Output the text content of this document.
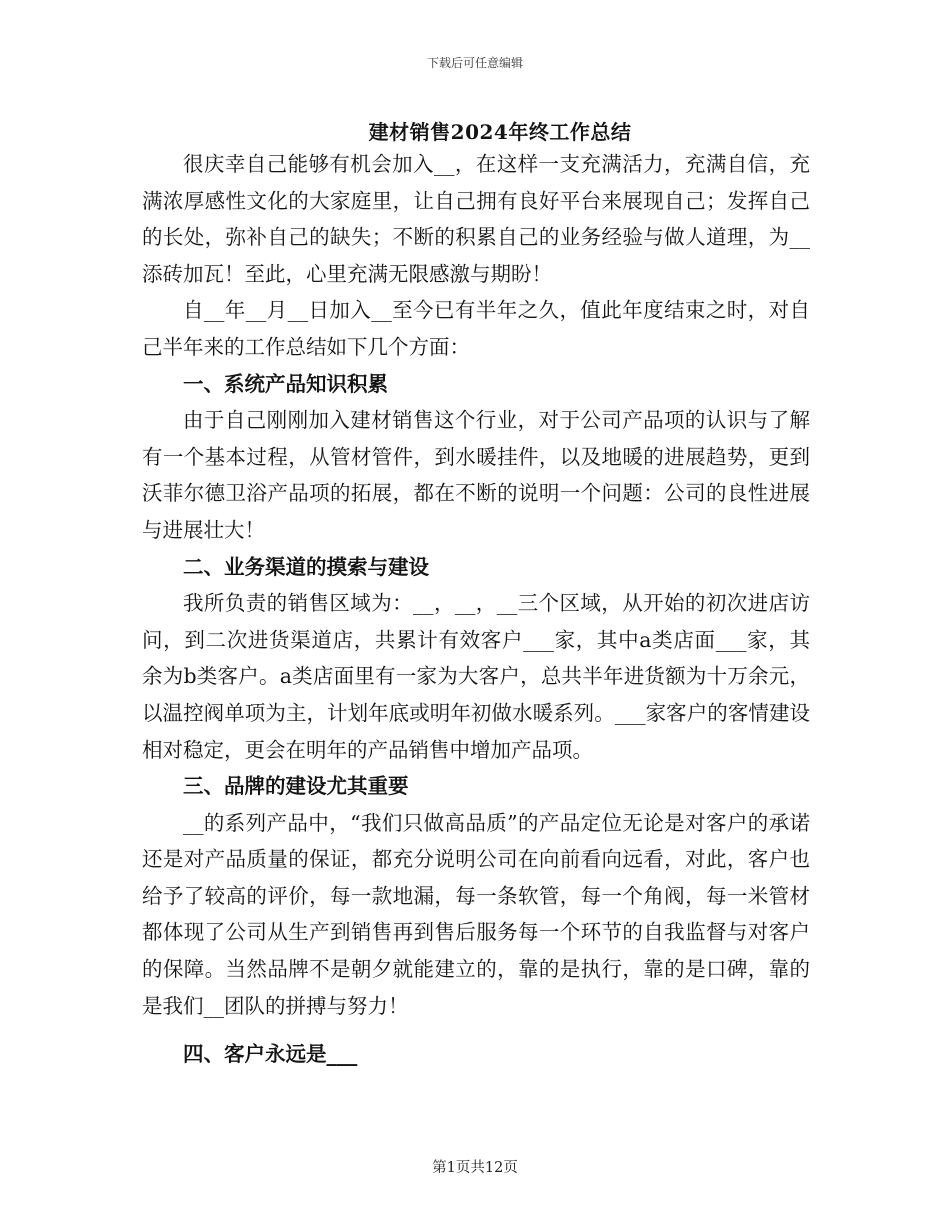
下载后可任意编辑
建材销售2024年终工作总结

很庆幸自己能够有机会加入__，在这样一支充满活力，充满自信，充满浓厚感性文化的大家庭里，让自己拥有良好平台来展现自己；发挥自己的长处，弥补自己的缺失；不断的积累自己的业务经验与做人道理，为__添砖加瓦！至此，心里充满无限感激与期盼！

自__年__月__日加入__至今已有半年之久，值此年度结束之时，对自己半年来的工作总结如下几个方面：

一、系统产品知识积累

由于自己刚刚加入建材销售这个行业，对于公司产品项的认识与了解有一个基本过程，从管材管件，到水暖挂件，以及地暖的进展趋势，更到沃菲尔德卫浴产品项的拓展，都在不断的说明一个问题：公司的良性进展与进展壮大！

二、业务渠道的摸索与建设

我所负责的销售区域为：__，__，__三个区域，从开始的初次进店访问，到二次进货渠道店，共累计有效客户___家，其中a类店面___家，其余为b类客户。a类店面里有一家为大客户，总共半年进货额为十万余元，以温控阀单项为主，计划年底或明年初做水暖系列。___家客户的客情建设相对稳定，更会在明年的产品销售中增加产品项。

三、品牌的建设尤其重要

__的系列产品中，“我们只做高品质”的产品定位无论是对客户的承诺还是对产品质量的保证，都充分说明公司在向前看向远看，对此，客户也给予了较高的评价，每一款地漏，每一条软管，每一个角阀，每一米管材都体现了公司从生产到销售再到售后服务每一个环节的自我监督与对客户的保障。当然品牌不是朝夕就能建立的，靠的是执行，靠的是口碑，靠的是我们__团队的拼搏与努力！

四、客户永远是___

第1页共12页
